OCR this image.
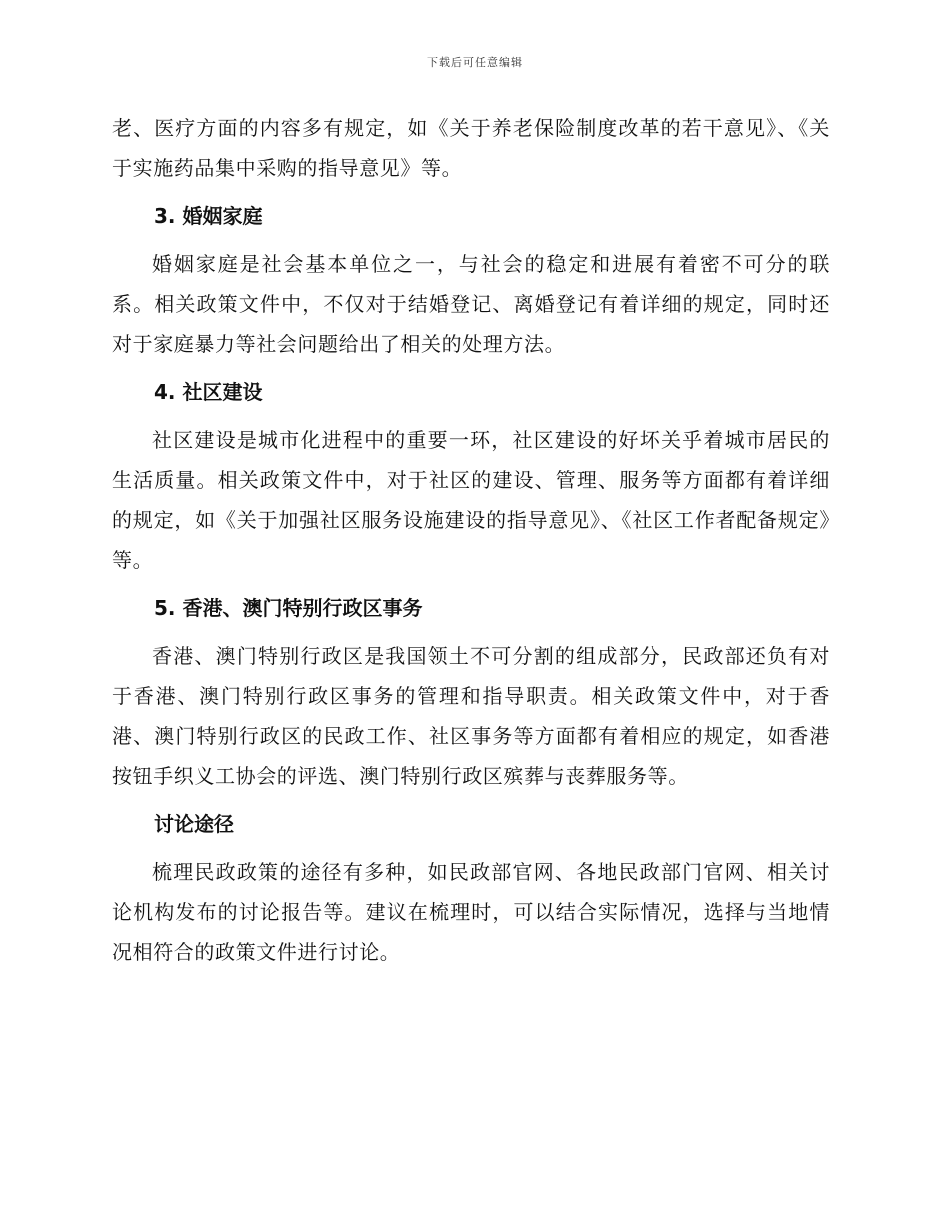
下载后可任意编辑

老、医疗方面的内容多有规定，如《关于养老保险制度改革的若干意见》、《关于实施药品集中采购的指导意见》等。

3. 婚姻家庭

婚姻家庭是社会基本单位之一，与社会的稳定和进展有着密不可分的联系。相关政策文件中，不仅对于结婚登记、离婚登记有着详细的规定，同时还对于家庭暴力等社会问题给出了相关的处理方法。

4. 社区建设

社区建设是城市化进程中的重要一环，社区建设的好坏关乎着城市居民的生活质量。相关政策文件中，对于社区的建设、管理、服务等方面都有着详细的规定，如《关于加强社区服务设施建设的指导意见》、《社区工作者配备规定》等。

5. 香港、澳门特别行政区事务

香港、澳门特别行政区是我国领土不可分割的组成部分，民政部还负有对于香港、澳门特别行政区事务的管理和指导职责。相关政策文件中，对于香港、澳门特别行政区的民政工作、社区事务等方面都有着相应的规定，如香港按钮手织义工协会的评选、澳门特别行政区殡葬与丧葬服务等。

讨论途径

梳理民政政策的途径有多种，如民政部官网、各地民政部门官网、相关讨论机构发布的讨论报告等。建议在梳理时，可以结合实际情况，选择与当地情况相符合的政策文件进行讨论。
